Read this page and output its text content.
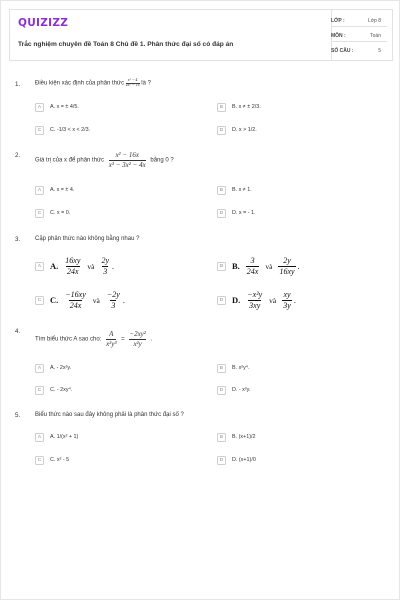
QUIZIZZ
Trắc nghiệm chuyên đề Toán 8 Chủ đề 1. Phân thức đại số có đáp án
LỚP :	Lớp 8
MÔN :	Toán
SỐ CÂU :	5
1. Điều kiện xác định của phân thức $\frac{\text{x² − 4}}{\text{4x² − 16}}$ là ?
A	A. x = ± 4/5.	B	B. x ≠ ± 2/3.
C	C. -1/3 < x < 2/3.	D	D. x > 1/2.
2.
Giá trị của x để phân thức $\frac{\text{x² − 16x}}{\text{x³ − 3x² − 4x}}$ bằng 0 ?
A	A. x = ± 4.	B	B. x ≠ 1.
C	C. x = 0.	D	D. x = - 1.
3. Cặp phân thức nào không bằng nhau ?
A	A. $\frac{16xy}{24x}$ và $\frac{2y}{3}$ .	B	B. $\frac{3}{24x}$ và $\frac{2y}{16xy}$ .
C	C. $\frac{-16xy}{24x}$ và $\frac{-2y}{3}$ .	D	D. $\frac{\text{−x²y}}{3xy}$ và $\frac{xy}{3y}$ .
4.
Tìm biểu thức A sao cho: $\frac{A}{\text{x²y³}} = \frac{\text{−2xy²}}{\text{x²y}}$ .
A	A. - 2x²y.	B	B. x²y⁴.
C	C. - 2xy⁴.	D	D. - x²y.
5. Biểu thức nào sau đây không phải là phân thức đại số ?
A	A. 1/(x² + 1)	B	B. (x+1)/2
C	C. x² - 5	D	D. (x+1)/0
